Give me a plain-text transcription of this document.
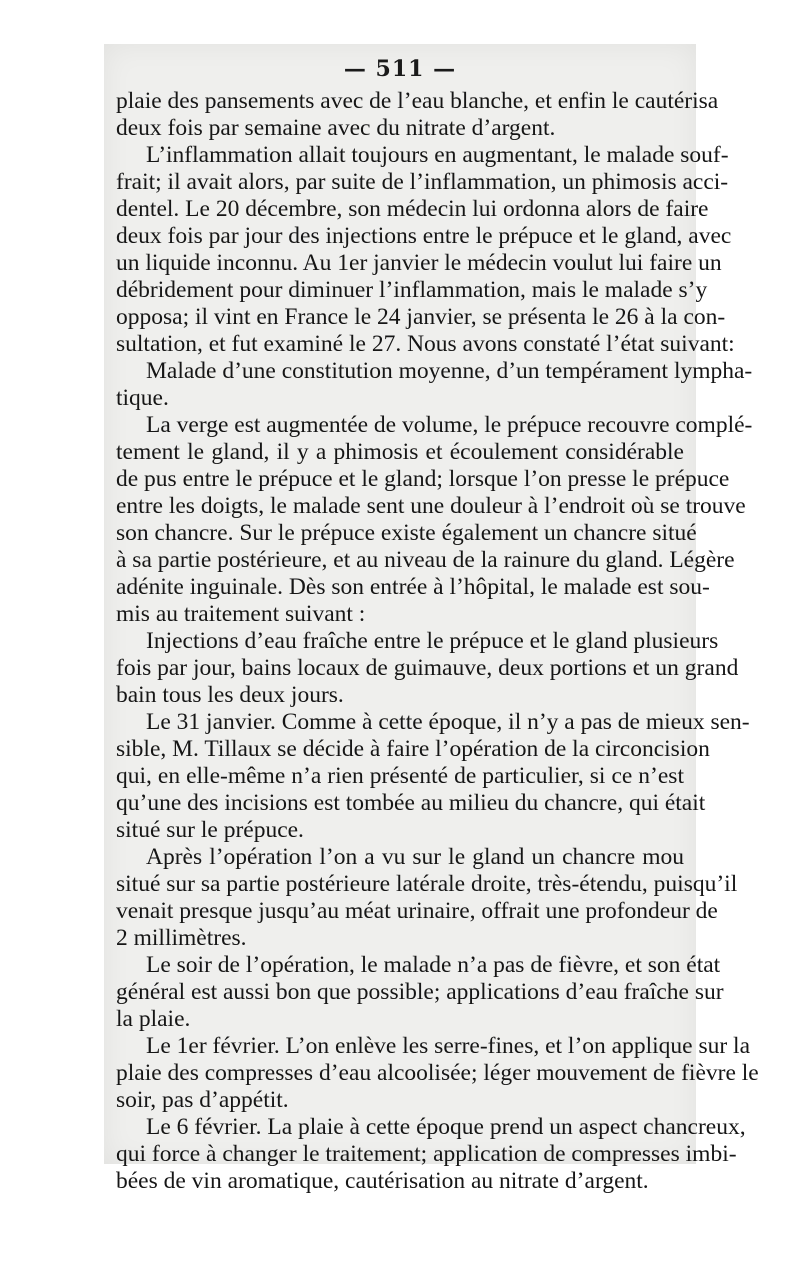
— 511 —
plaie des pansements avec de l’eau blanche, et enfin le cautérisa
deux fois par semaine avec du nitrate d’argent.
L’inflammation allait toujours en augmentant, le malade souf-
frait; il avait alors, par suite de l’inflammation, un phimosis acci-
dentel. Le 20 décembre, son médecin lui ordonna alors de faire
deux fois par jour des injections entre le prépuce et le gland, avec
un liquide inconnu. Au 1er janvier le médecin voulut lui faire un
débridement pour diminuer l’inflammation, mais le malade s’y
opposa; il vint en France le 24 janvier, se présenta le 26 à la con-
sultation, et fut examiné le 27. Nous avons constaté l’état suivant:
Malade d’une constitution moyenne, d’un tempérament lympha-
tique.
La verge est augmentée de volume, le prépuce recouvre complé-
tement le gland, il y a phimosis et écoulement considérable
de pus entre le prépuce et le gland; lorsque l’on presse le prépuce
entre les doigts, le malade sent une douleur à l’endroit où se trouve
son chancre. Sur le prépuce existe également un chancre situé
à sa partie postérieure, et au niveau de la rainure du gland. Légère
adénite inguinale. Dès son entrée à l’hôpital, le malade est sou-
mis au traitement suivant :
Injections d’eau fraîche entre le prépuce et le gland plusieurs
fois par jour, bains locaux de guimauve, deux portions et un grand
bain tous les deux jours.
Le 31 janvier. Comme à cette époque, il n’y a pas de mieux sen-
sible, M. Tillaux se décide à faire l’opération de la circoncision
qui, en elle-même n’a rien présenté de particulier, si ce n’est
qu’une des incisions est tombée au milieu du chancre, qui était
situé sur le prépuce.
Après l’opération l’on a vu sur le gland un chancre mou
situé sur sa partie postérieure latérale droite, très-étendu, puisqu’il
venait presque jusqu’au méat urinaire, offrait une profondeur de
2 millimètres.
Le soir de l’opération, le malade n’a pas de fièvre, et son état
général est aussi bon que possible; applications d’eau fraîche sur
la plaie.
Le 1er février. L’on enlève les serre-fines, et l’on applique sur la
plaie des compresses d’eau alcoolisée; léger mouvement de fièvre le
soir, pas d’appétit.
Le 6 février. La plaie à cette époque prend un aspect chancreux,
qui force à changer le traitement; application de compresses imbi-
bées de vin aromatique, cautérisation au nitrate d’argent.
